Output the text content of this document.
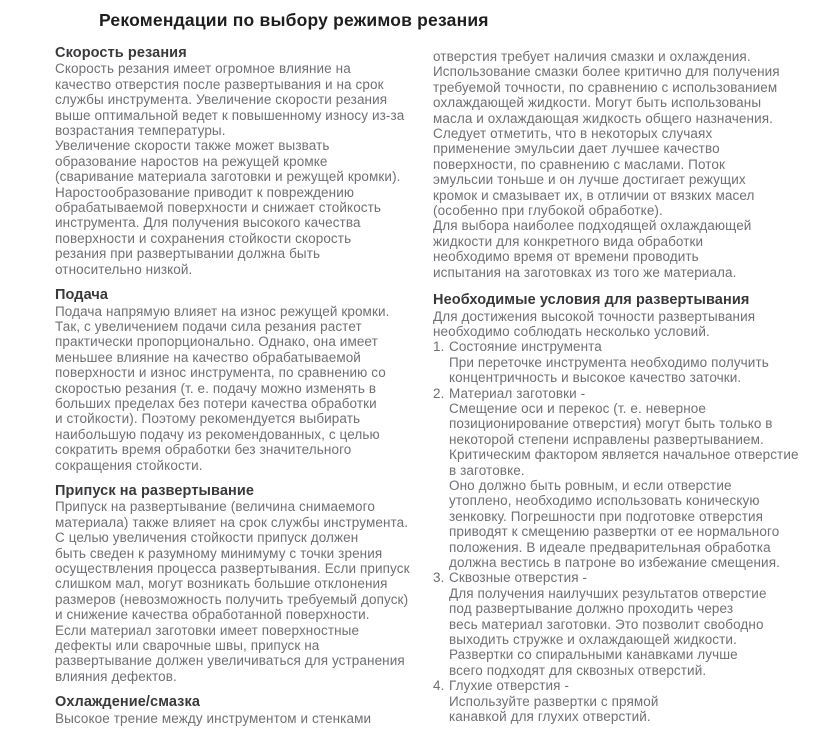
Рекомендации по выбору режимов резания
Скорость резания
Скорость резания имеет огромное влияние на
качество отверстия после развертывания и на срок
службы инструмента. Увеличение скорости резания
выше оптимальной ведет к повышенному износу из-за
возрастания температуры.
Увеличение скорости также может вызвать
образование наростов на режущей кромке
(сваривание материала заготовки и режущей кромки).
Наростообразование приводит к повреждению
обрабатываемой поверхности и снижает стойкость
инструмента. Для получения высокого качества
поверхности и сохранения стойкости скорость
резания при развертывании должна быть
относительно низкой.
Подача
Подача напрямую влияет на износ режущей кромки.
Так, с увеличением подачи сила резания растет
практически пропорционально. Однако, она имеет
меньшее влияние на качество обрабатываемой
поверхности и износ инструмента, по сравнению со
скоростью резания (т. е. подачу можно изменять в
больших пределах без потери качества обработки
и стойкости). Поэтому рекомендуется выбирать
наибольшую подачу из рекомендованных, с целью
сократить время обработки без значительного
сокращения стойкости.
Припуск на развертывание
Припуск на развертывание (величина снимаемого
материала) также влияет на срок службы инструмента.
С целью увеличения стойкости припуск должен
быть сведен к разумному минимуму с точки зрения
осуществления процесса развертывания. Если припуск
слишком мал, могут возникать большие отклонения
размеров (невозможность получить требуемый допуск)
и снижение качества обработанной поверхности.
Если материал заготовки имеет поверхностные
дефекты или сварочные швы, припуск на
развертывание должен увеличиваться для устранения
влияния дефектов.
Охлаждение/смазка
Высокое трение между инструментом и стенками
отверстия требует наличия смазки и охлаждения.
Использование смазки более критично для получения
требуемой точности, по сравнению с использованием
охлаждающей жидкости. Могут быть использованы
масла и охлаждающая жидкость общего назначения.
Следует отметить, что в некоторых случаях
применение эмульсии дает лучшее качество
поверхности, по сравнению с маслами. Поток
эмульсии тоньше и он лучше достигает режущих
кромок и смазывает их, в отличии от вязких масел
(особенно при глубокой обработке).
Для выбора наиболее подходящей охлаждающей
жидкости для конкретного вида обработки
необходимо время от времени проводить
испытания на заготовках из того же материала.
Необходимые условия для развертывания
Для достижения высокой точности развертывания
необходимо соблюдать несколько условий.
1. Состояние инструмента
При переточке инструмента необходимо получить
концентричность и высокое качество заточки.
2. Материал заготовки -
Смещение оси и перекос (т. е. неверное
позиционирование отверстия) могут быть только в
некоторой степени исправлены развертыванием.
Критическим фактором является начальное отверстие
в заготовке.
Оно должно быть ровным, и если отверстие
утоплено, необходимо использовать коническую
зенковку. Погрешности при подготовке отверстия
приводят к смещению развертки от ее нормального
положения. В идеале предварительная обработка
должна вестись в патроне во избежание смещения.
3. Сквозные отверстия -
Для получения наилучших результатов отверстие
под развертывание должно проходить через
весь материал заготовки. Это позволит свободно
выходить стружке и охлаждающей жидкости.
Развертки со спиральными канавками лучше
всего подходят для сквозных отверстий.
4. Глухие отверстия -
Используйте развертки с прямой
канавкой для глухих отверстий.
